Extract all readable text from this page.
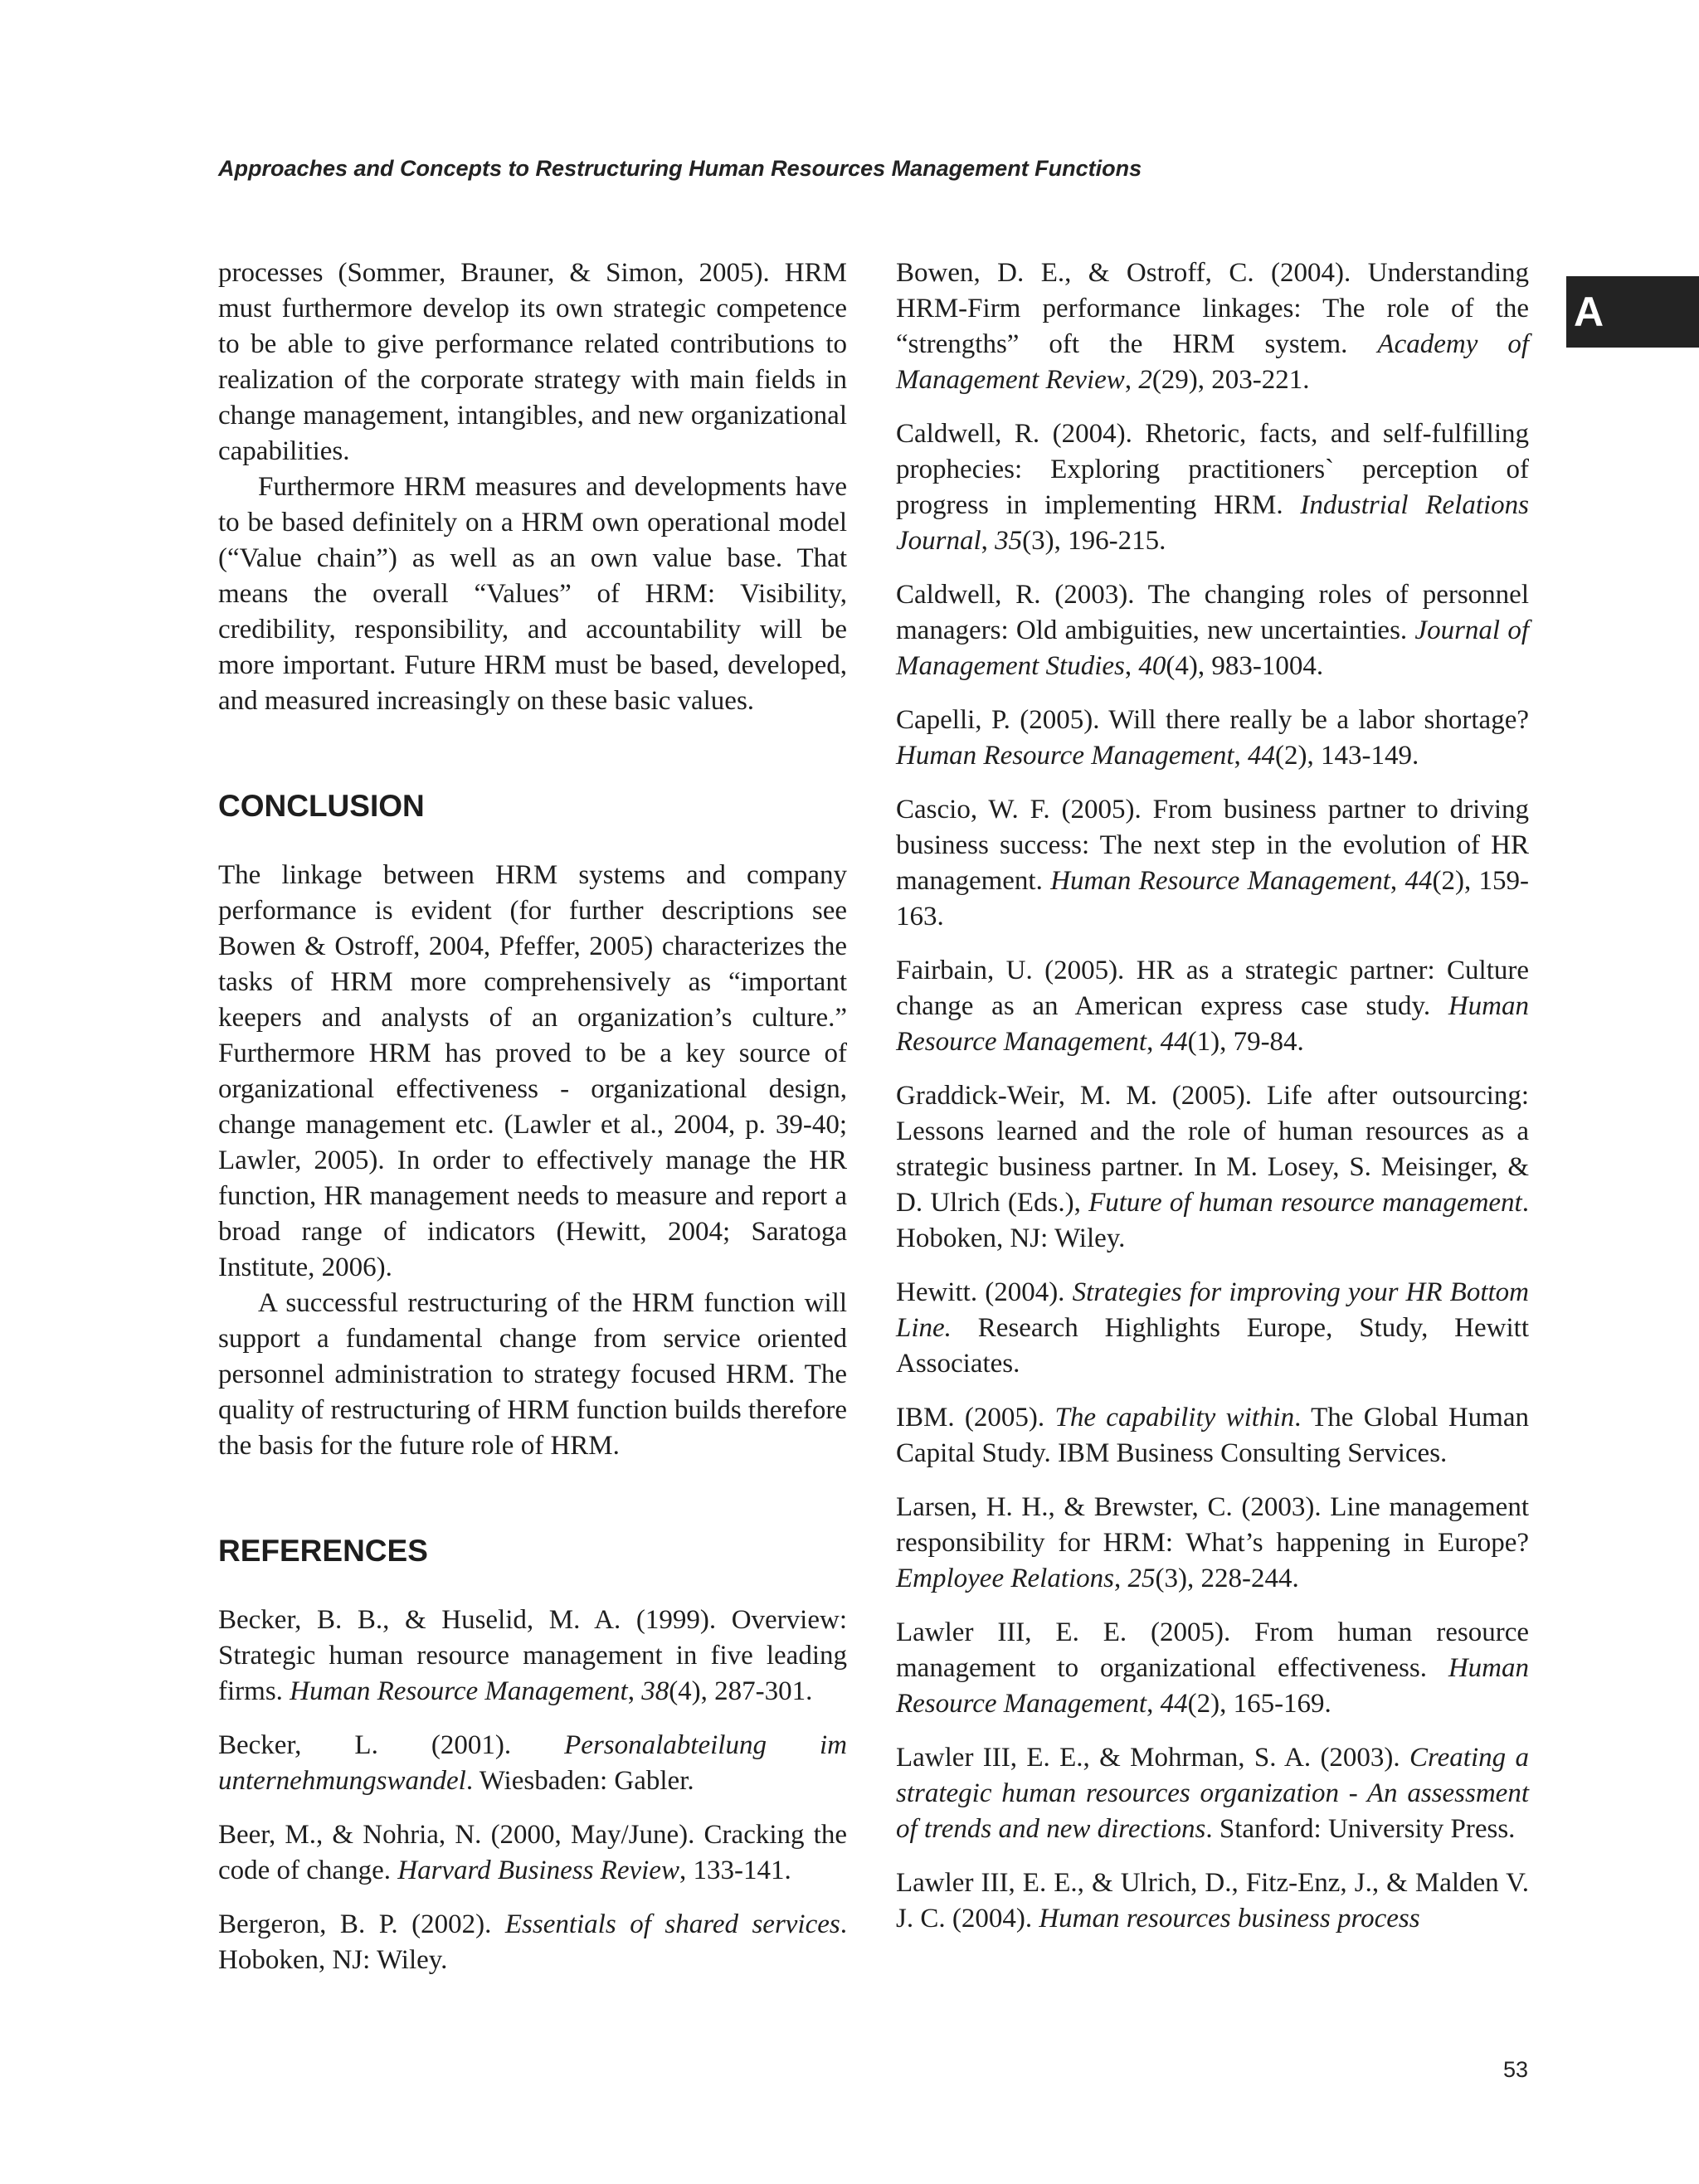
Approaches and Concepts to Restructuring Human Resources Management Functions
A

processes (Sommer, Brauner, & Simon, 2005). HRM must furthermore develop its own strategic competence to be able to give performance related contributions to realization of the corporate strategy with main fields in change management, intangibles, and new organizational capabilities.

Furthermore HRM measures and developments have to be based definitely on a HRM own operational model (“Value chain”) as well as an own value base. That means the overall “Values” of HRM: Visibility, credibility, responsibility, and accountability will be more important. Future HRM must be based, developed, and measured increasingly on these basic values.

CONCLUSION

The linkage between HRM systems and company performance is evident (for further descriptions see Bowen & Ostroff, 2004, Pfeffer, 2005) characterizes the tasks of HRM more comprehensively as “important keepers and analysts of an organization’s culture.” Furthermore HRM has proved to be a key source of organizational effectiveness - organizational design, change management etc. (Lawler et al., 2004, p. 39-40; Lawler, 2005). In order to effectively manage the HR function, HR management needs to measure and report a broad range of indicators (Hewitt, 2004; Saratoga Institute, 2006).

A successful restructuring of the HRM function will support a fundamental change from service oriented personnel administration to strategy focused HRM. The quality of restructuring of HRM function builds therefore the basis for the future role of HRM.

REFERENCES

Becker, B. B., & Huselid, M. A. (1999). Overview: Strategic human resource management in five leading firms. Human Resource Management, 38(4), 287-301.

Becker, L. (2001). Personalabteilung im unternehmungswandel. Wiesbaden: Gabler.

Beer, M., & Nohria, N. (2000, May/June). Cracking the code of change. Harvard Business Review, 133-141.

Bergeron, B. P. (2002). Essentials of shared services. Hoboken, NJ: Wiley.

Bowen, D. E., & Ostroff, C. (2004). Understanding HRM-Firm performance linkages: The role of the “strengths” oft the HRM system. Academy of Management Review, 2(29), 203-221.

Caldwell, R. (2004). Rhetoric, facts, and self-fulfilling prophecies: Exploring practitioners` perception of progress in implementing HRM. Industrial Relations Journal, 35(3), 196-215.

Caldwell, R. (2003). The changing roles of personnel managers: Old ambiguities, new uncertainties. Journal of Management Studies, 40(4), 983-1004.

Capelli, P. (2005). Will there really be a labor shortage? Human Resource Management, 44(2), 143-149.

Cascio, W. F. (2005). From business partner to driving business success: The next step in the evolution of HR management. Human Resource Management, 44(2), 159-163.

Fairbain, U. (2005). HR as a strategic partner: Culture change as an American express case study. Human Resource Management, 44(1), 79-84.

Graddick-Weir, M. M. (2005). Life after outsourcing: Lessons learned and the role of human resources as a strategic business partner. In M. Losey, S. Meisinger, & D. Ulrich (Eds.), Future of human resource management. Hoboken, NJ: Wiley.

Hewitt. (2004). Strategies for improving your HR Bottom Line. Research Highlights Europe, Study, Hewitt Associates.

IBM. (2005). The capability within. The Global Human Capital Study. IBM Business Consulting Services.

Larsen, H. H., & Brewster, C. (2003). Line management responsibility for HRM: What’s happening in Europe? Employee Relations, 25(3), 228-244.

Lawler III, E. E. (2005). From human resource management to organizational effectiveness. Human Resource Management, 44(2), 165-169.

Lawler III, E. E., & Mohrman, S. A. (2003). Creating a strategic human resources organization - An assessment of trends and new directions. Stanford: University Press.

Lawler III, E. E., & Ulrich, D., Fitz-Enz, J., & Malden V. J. C. (2004). Human resources business process

53
